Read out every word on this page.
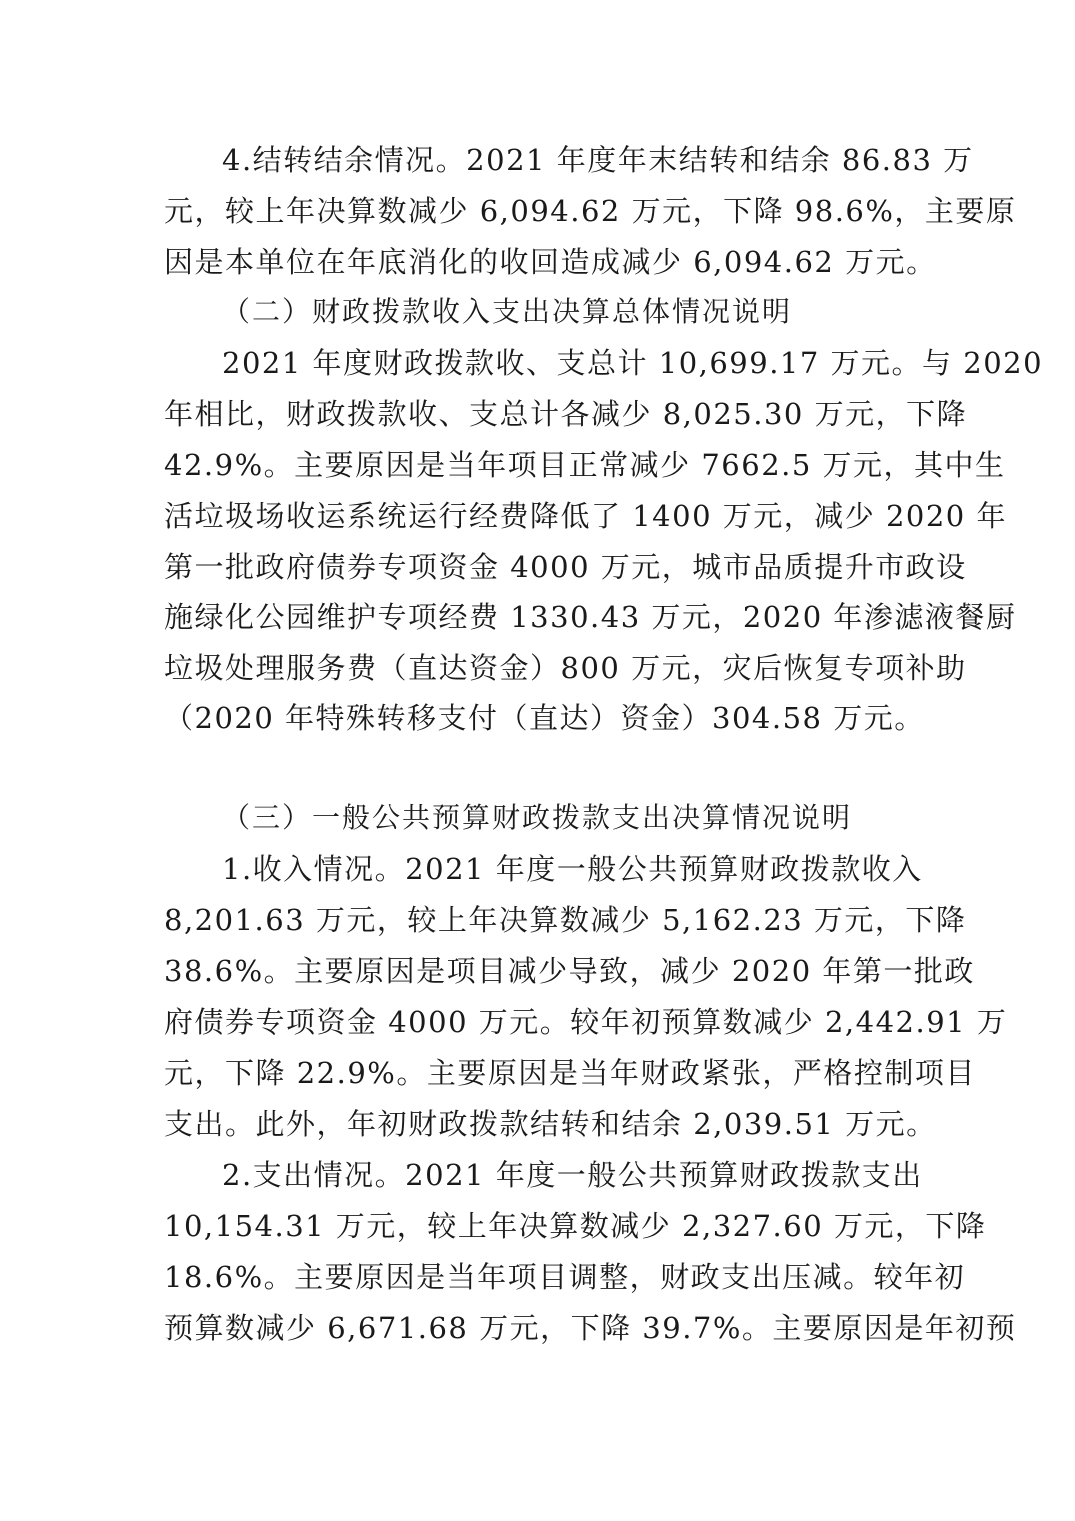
4.结转结余情况。2021 年度年末结转和结余 86.83 万
元，较上年决算数减少 6,094.62 万元，下降 98.6%，主要原
因是本单位在年底消化的收回造成减少 6,094.62 万元。
（二）财政拨款收入支出决算总体情况说明
2021 年度财政拨款收、支总计 10,699.17 万元。与 2020
年相比，财政拨款收、支总计各减少 8,025.30 万元，下降
42.9%。主要原因是当年项目正常减少 7662.5 万元，其中生
活垃圾场收运系统运行经费降低了 1400 万元，减少 2020 年
第一批政府债券专项资金 4000 万元，城市品质提升市政设
施绿化公园维护专项经费 1330.43 万元，2020 年渗滤液餐厨
垃圾处理服务费（直达资金）800 万元，灾后恢复专项补助
（2020 年特殊转移支付（直达）资金）304.58 万元。
（三）一般公共预算财政拨款支出决算情况说明
1.收入情况。2021 年度一般公共预算财政拨款收入
8,201.63 万元，较上年决算数减少 5,162.23 万元，下降
38.6%。主要原因是项目减少导致，减少 2020 年第一批政
府债券专项资金 4000 万元。较年初预算数减少 2,442.91 万
元，下降 22.9%。主要原因是当年财政紧张，严格控制项目
支出。此外，年初财政拨款结转和结余 2,039.51 万元。
2.支出情况。2021 年度一般公共预算财政拨款支出
10,154.31 万元，较上年决算数减少 2,327.60 万元，下降
18.6%。主要原因是当年项目调整，财政支出压减。较年初
预算数减少 6,671.68 万元，下降 39.7%。主要原因是年初预
